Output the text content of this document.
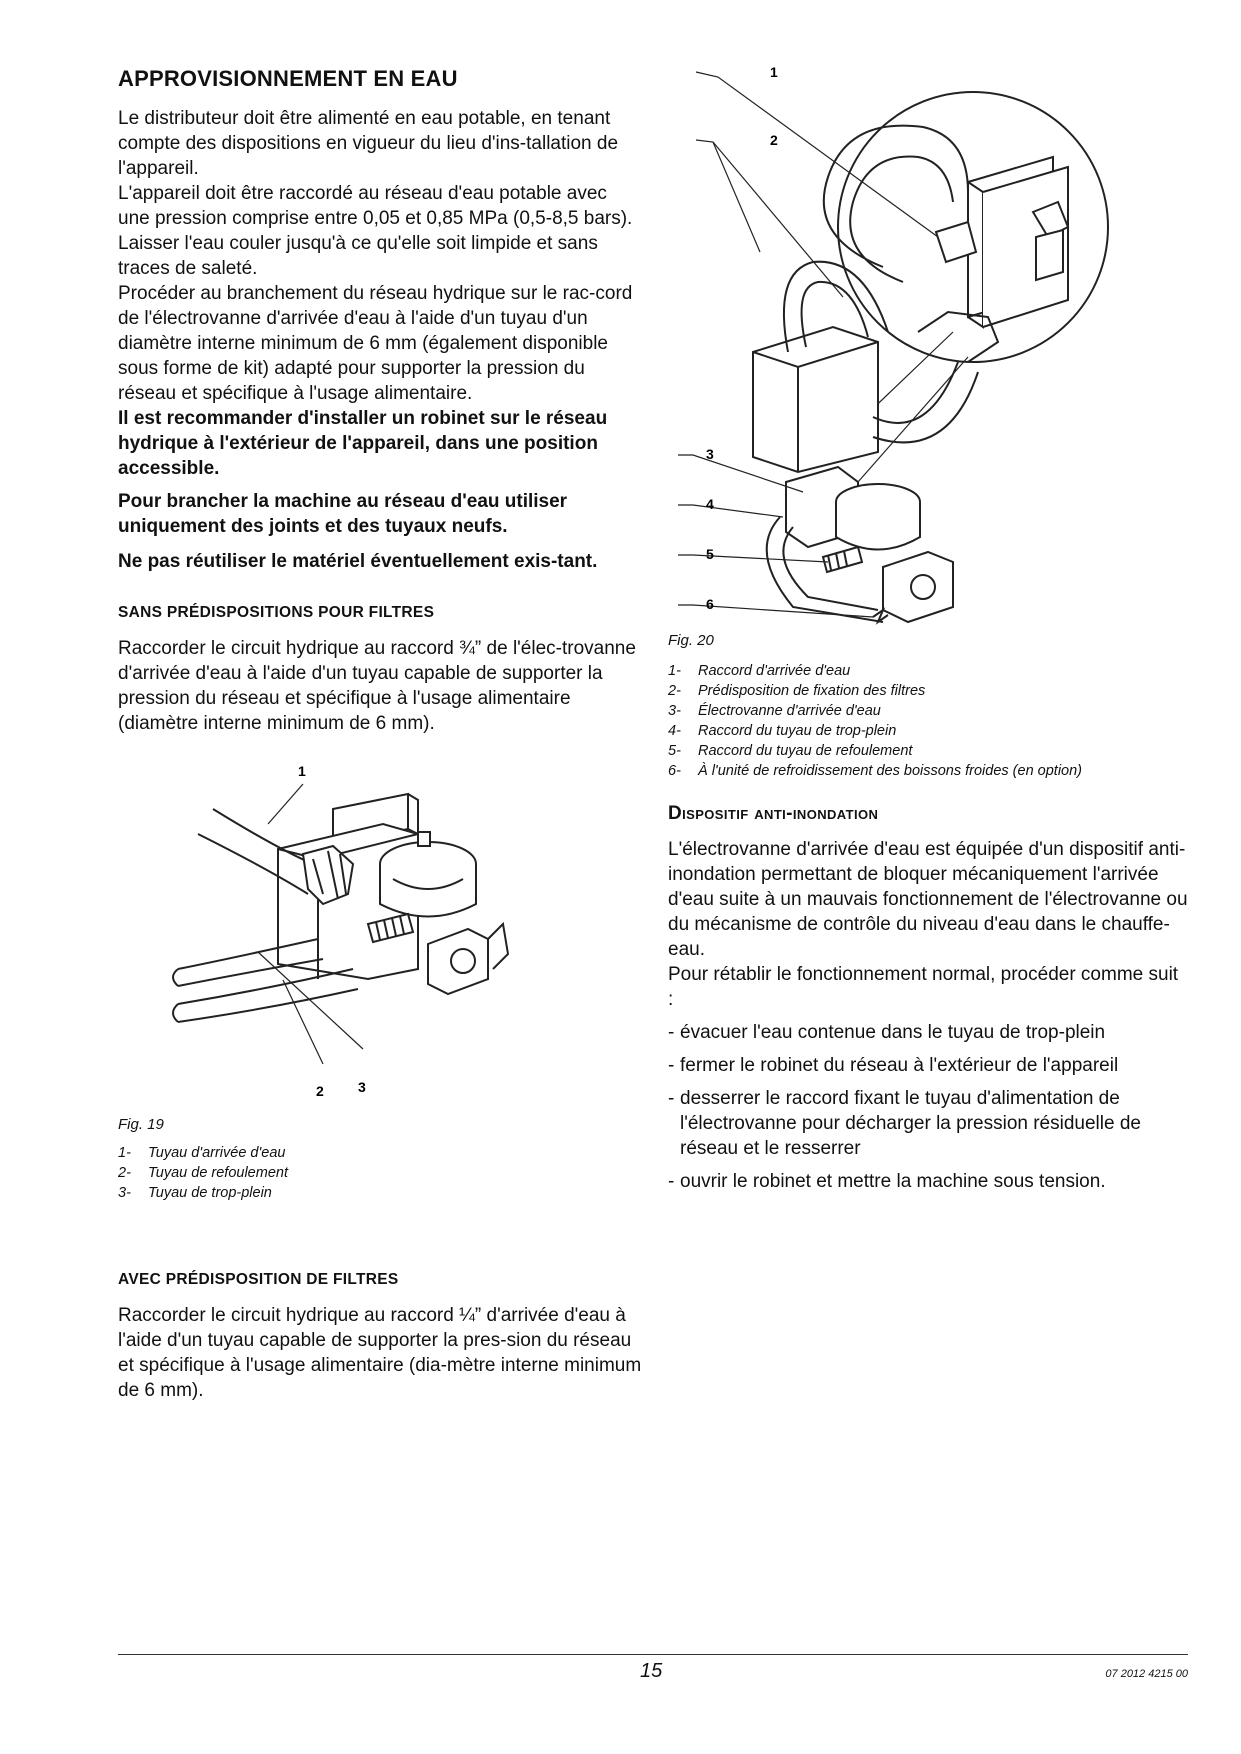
APPROVISIONNEMENT EN EAU

Le distributeur doit être alimenté en eau potable, en tenant compte des dispositions en vigueur du lieu d'ins-tallation de l'appareil.

L'appareil doit être raccordé au réseau d'eau potable avec une pression comprise entre 0,05 et 0,85 MPa (0,5-8,5 bars).

Laisser l'eau couler jusqu'à ce qu'elle soit limpide et sans traces de saleté.

Procéder au branchement du réseau hydrique sur le rac-cord de l'électrovanne d'arrivée d'eau à l'aide d'un tuyau d'un diamètre interne minimum de 6 mm (également disponible sous forme de kit) adapté pour supporter la pression du réseau et spécifique à l'usage alimentaire.

Il est recommander d'installer un robinet sur le réseau hydrique à l'extérieur de l'appareil, dans une position accessible.

Pour brancher la machine au réseau d'eau utiliser uniquement des joints et des tuyaux neufs.

Ne pas réutiliser le matériel éventuellement exis-tant.

SANS PRÉDISPOSITIONS POUR FILTRES

Raccorder le circuit hydrique au raccord ¾” de l'élec-trovanne d'arrivée d'eau à l'aide d'un tuyau capable de supporter la pression du réseau et spécifique à l'usage alimentaire (diamètre interne minimum de 6 mm).

1
2 3

Fig. 19

1-	Tuyau d'arrivée d'eau
2-	Tuyau de refoulement
3-	Tuyau de trop-plein
AVEC PRÉDISPOSITION DE FILTRES

Raccorder le circuit hydrique au raccord ¼” d'arrivée d'eau à l'aide d'un tuyau capable de supporter la pres-sion du réseau et spécifique à l'usage alimentaire (dia-mètre interne minimum de 6 mm).

1
2
3
4
5
6

Fig. 20

1-	Raccord d'arrivée d'eau
2-	Prédisposition de fixation des filtres
3-	Électrovanne d'arrivée d'eau
4-	Raccord du tuyau de trop-plein
5-	Raccord du tuyau de refoulement
6-	À l'unité de refroidissement des boissons froides (en option)
Dispositif anti-inondation

L'électrovanne d'arrivée d'eau est équipée d'un dispositif anti-inondation permettant de bloquer mécaniquement l'arrivée d'eau suite à un mauvais fonctionnement de l'électrovanne ou du mécanisme de contrôle du niveau d'eau dans le chauffe-eau.

Pour rétablir le fonctionnement normal, procéder comme suit :

- évacuer l'eau contenue dans le tuyau de trop-plein
- fermer le robinet du réseau à l'extérieur de l'appareil
- desserrer le raccord fixant le tuyau d'alimentation de l'électrovanne pour décharger la pression résiduelle de réseau et le resserrer
- ouvrir le robinet et mettre la machine sous tension.
15	07 2012 4215 00
